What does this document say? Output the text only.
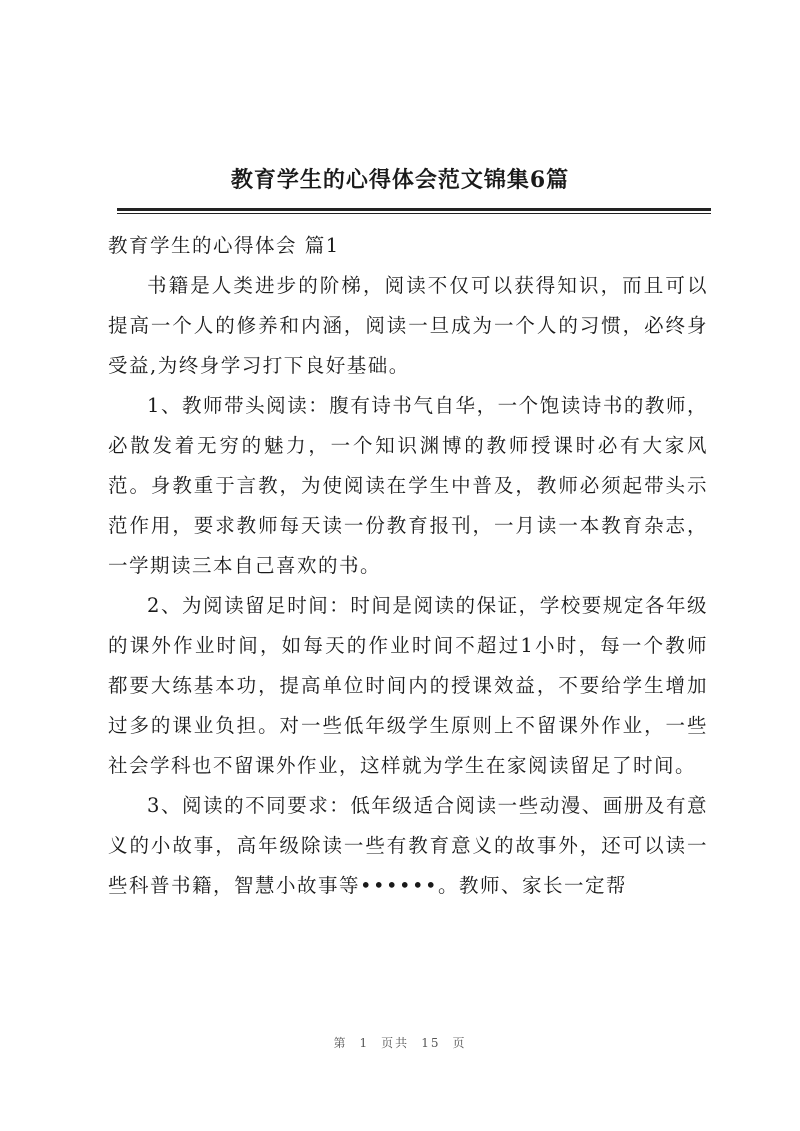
教育学生的心得体会范文锦集6篇
教育学生的心得体会 篇1

书籍是人类进步的阶梯，阅读不仅可以获得知识，而且可以提高一个人的修养和内涵，阅读一旦成为一个人的习惯，必终身受益,为终身学习打下良好基础。

1、教师带头阅读：腹有诗书气自华，一个饱读诗书的教师，必散发着无穷的魅力，一个知识渊博的教师授课时必有大家风范。身教重于言教，为使阅读在学生中普及，教师必须起带头示范作用，要求教师每天读一份教育报刊，一月读一本教育杂志，一学期读三本自己喜欢的书。

2、为阅读留足时间：时间是阅读的保证，学校要规定各年级的课外作业时间，如每天的作业时间不超过1小时，每一个教师都要大练基本功，提高单位时间内的授课效益，不要给学生增加过多的课业负担。对一些低年级学生原则上不留课外作业，一些社会学科也不留课外作业，这样就为学生在家阅读留足了时间。

3、阅读的不同要求：低年级适合阅读一些动漫、画册及有意义的小故事，高年级除读一些有教育意义的故事外，还可以读一些科普书籍，智慧小故事等••••••。教师、家长一定帮

第 1 页共 15 页
